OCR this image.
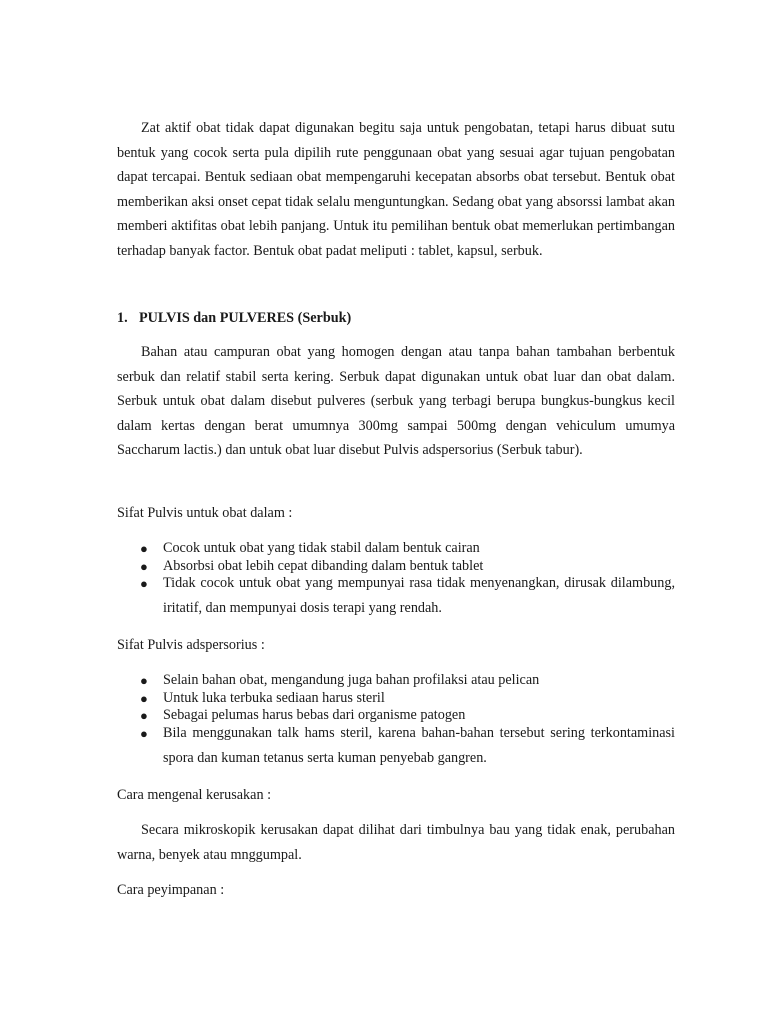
Zat aktif obat tidak dapat digunakan begitu saja untuk pengobatan, tetapi harus dibuat sutu bentuk yang cocok serta pula dipilih rute penggunaan obat yang sesuai agar tujuan pengobatan dapat tercapai. Bentuk sediaan obat mempengaruhi kecepatan absorbs obat tersebut. Bentuk obat memberikan aksi onset cepat tidak selalu menguntungkan. Sedang obat yang absorssi lambat akan memberi aktifitas obat lebih panjang. Untuk itu pemilihan bentuk obat memerlukan pertimbangan terhadap banyak factor. Bentuk obat padat meliputi : tablet, kapsul, serbuk.

1. PULVIS dan PULVERES (Serbuk)

Bahan atau campuran obat yang homogen dengan atau tanpa bahan tambahan berbentuk serbuk dan relatif stabil serta kering. Serbuk dapat digunakan untuk obat luar dan obat dalam. Serbuk untuk obat dalam disebut pulveres (serbuk yang terbagi berupa bungkus-bungkus kecil dalam kertas dengan berat umumnya 300mg sampai 500mg dengan vehiculum umumya Saccharum lactis.) dan untuk obat luar disebut Pulvis adspersorius (Serbuk tabur).

Sifat Pulvis untuk obat dalam :

● Cocok untuk obat yang tidak stabil dalam bentuk cairan
● Absorbsi obat lebih cepat dibanding dalam bentuk tablet
● Tidak cocok untuk obat yang mempunyai rasa tidak menyenangkan, dirusak dilambung, iritatif, dan mempunyai dosis terapi yang rendah.

Sifat Pulvis adspersorius :

● Selain bahan obat, mengandung juga bahan profilaksi atau pelican
● Untuk luka terbuka sediaan harus steril
● Sebagai pelumas harus bebas dari organisme patogen
● Bila menggunakan talk hams steril, karena bahan-bahan tersebut sering terkontaminasi spora dan kuman tetanus serta kuman penyebab gangren.

Cara mengenal kerusakan :

Secara mikroskopik kerusakan dapat dilihat dari timbulnya bau yang tidak enak, perubahan warna, benyek atau mnggumpal.

Cara peyimpanan :
